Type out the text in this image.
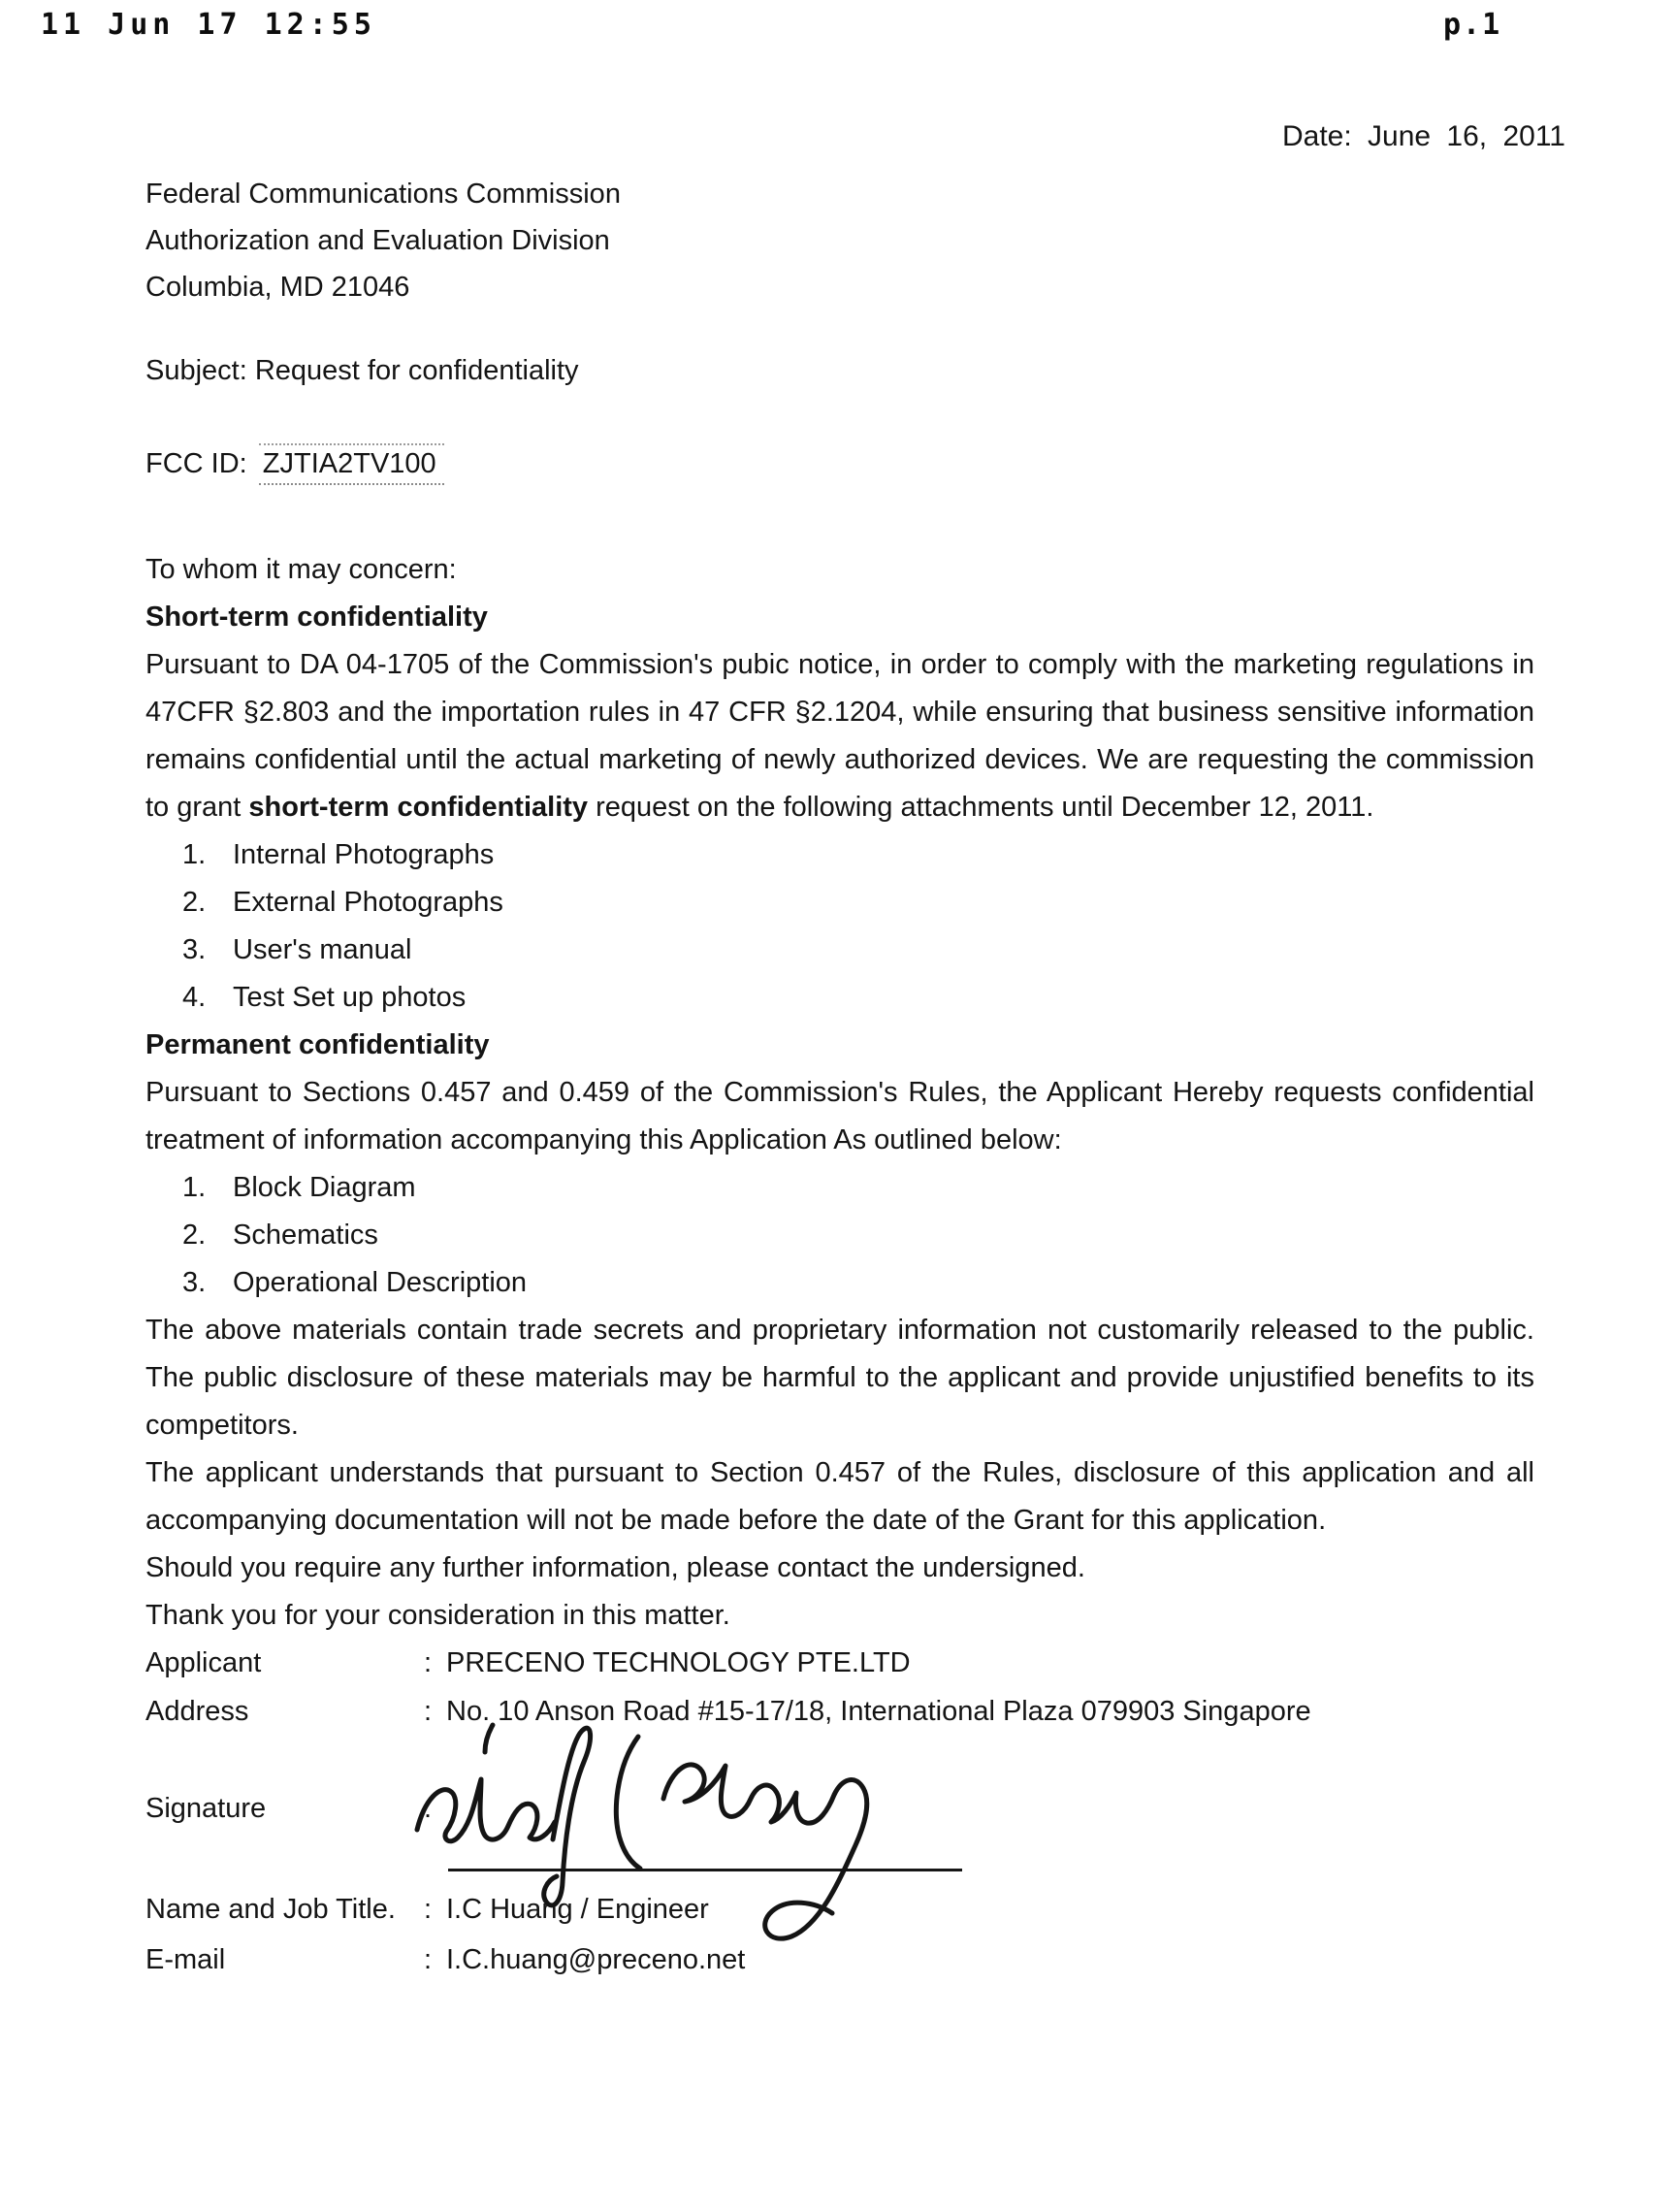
11 Jun 17 12:55	p.1
Date: June 16, 2011
Federal Communications Commission
Authorization and Evaluation Division
Columbia, MD 21046
Subject: Request for confidentiality
FCC ID: ZJTIA2TV100

To whom it may concern:

Short-term confidentiality

Pursuant to DA 04-1705 of the Commission's pubic notice, in order to comply with the marketing regulations in 47CFR §2.803 and the importation rules in 47 CFR §2.1204, while ensuring that business sensitive information remains confidential until the actual marketing of newly authorized devices. We are requesting the commission to grant short-term confidentiality request on the following attachments until December 12, 2011.

1. Internal Photographs
2. External Photographs
3. User's manual
4. Test Set up photos

Permanent confidentiality

Pursuant to Sections 0.457 and 0.459 of the Commission's Rules, the Applicant Hereby requests confidential treatment of information accompanying this Application As outlined below:

1. Block Diagram
2. Schematics
3. Operational Description

The above materials contain trade secrets and proprietary information not customarily released to the public. The public disclosure of these materials may be harmful to the applicant and provide unjustified benefits to its competitors.

The applicant understands that pursuant to Section 0.457 of the Rules, disclosure of this application and all accompanying documentation will not be made before the date of the Grant for this application.

Should you require any further information, please contact the undersigned.

Thank you for your consideration in this matter.

Applicant	: PRECENO TECHNOLOGY PTE.LTD
Address	: No. 10 Anson Road #15-17/18, International Plaza 079903 Singapore
Signature	:
Name and Job Title. : I.C Huang / Engineer
E-mail	: I.C.huang@preceno.net
